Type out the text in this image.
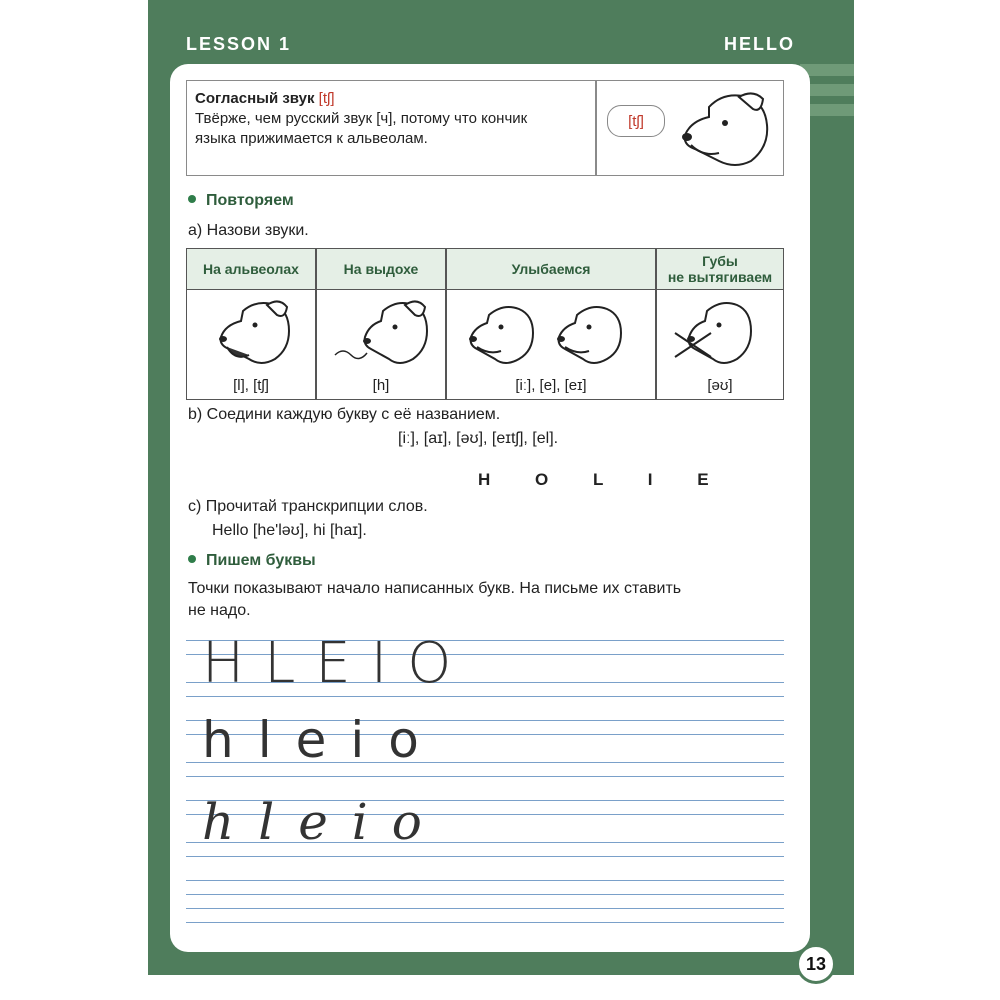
LESSON 1	HELLO
Согласный звук [tʃ]
Твёрже, чем русский звук [ч], потому что кончик
языка прижимается к альвеолам.
[tʃ]
Повторяем
a) Назови звуки.
На альвеолах	На выдохе	Улыбаемся	Губы
не вытягиваем
[l], [tʃ]	[h]	[iː], [e], [eɪ]	[əʊ]
b) Соедини каждую букву с её названием.
[iː], [aɪ], [əʊ], [eɪtʃ], [el].
H O L I E
c) Прочитай транскрипции слов.
Hello [he'ləʊ], hi [haɪ].
Пишем буквы
Точки показывают начало написанных букв. На письме их ставить
не надо.
HLEIO
hleio
hleio
13
